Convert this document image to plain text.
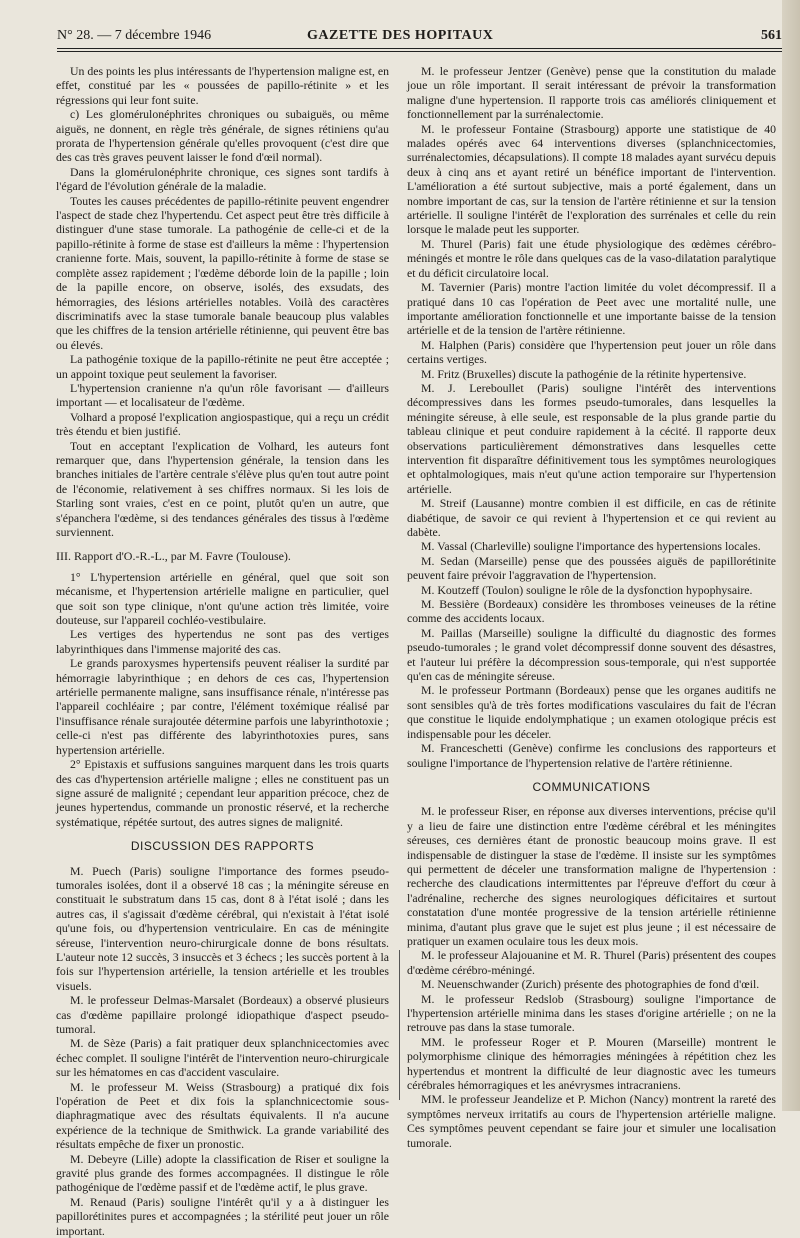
N° 28. — 7 décembre 1946	GAZETTE DES HOPITAUX	561

Un des points les plus intéressants de l'hypertension maligne est, en effet, constitué par les « poussées de papillo-rétinite » et les régressions qui leur font suite.

c) Les glomérulonéphrites chroniques ou subaiguës, ou même aiguës, ne donnent, en règle très générale, de signes rétiniens qu'au prorata de l'hypertension générale qu'elles provoquent (c'est dire que des cas très graves peuvent laisser le fond d'œil normal).

Dans la glomérulonéphrite chronique, ces signes sont tardifs à l'égard de l'évolution générale de la maladie.

Toutes les causes précédentes de papillo-rétinite peuvent engendrer l'aspect de stade chez l'hypertendu. Cet aspect peut être très difficile à distinguer d'une stase tumorale. La pathogénie de celle-ci et de la papillo-rétinite à forme de stase est d'ailleurs la même : l'hypertension cranienne forte. Mais, souvent, la papillo-rétinite à forme de stase se complète assez rapidement ; l'œdème déborde loin de la papille ; loin de la papille encore, on observe, isolés, des exsudats, des hémorragies, des lésions artérielles notables. Voilà des caractères discriminatifs avec la stase tumorale banale beaucoup plus valables que les chiffres de la tension artérielle rétinienne, qui peuvent être bas ou élevés.

La pathogénie toxique de la papillo-rétinite ne peut être acceptée ; un appoint toxique peut seulement la favoriser.

L'hypertension cranienne n'a qu'un rôle favorisant — d'ailleurs important — et localisateur de l'œdème.

Volhard a proposé l'explication angiospastique, qui a reçu un crédit très étendu et bien justifié.

Tout en acceptant l'explication de Volhard, les auteurs font remarquer que, dans l'hypertension générale, la tension dans les branches initiales de l'artère centrale s'élève plus qu'en tout autre point de l'économie, relativement à ses chiffres normaux. Si les lois de Starling sont vraies, c'est en ce point, plutôt qu'en un autre, que s'épanchera l'œdème, si des tendances générales des tissus à l'œdème surviennent.

III. Rapport d'O.-R.-L., par M. Favre (Toulouse).

1° L'hypertension artérielle en général, quel que soit son mécanisme, et l'hypertension artérielle maligne en particulier, quel que soit son type clinique, n'ont qu'une action très limitée, voire douteuse, sur l'appareil cochléo-vestibulaire.

Les vertiges des hypertendus ne sont pas des vertiges labyrinthiques dans l'immense majorité des cas.

Le grands paroxysmes hypertensifs peuvent réaliser la surdité par hémorragie labyrinthique ; en dehors de ces cas, l'hypertension artérielle permanente maligne, sans insuffisance rénale, n'intéresse pas l'appareil cochléaire ; par contre, l'élément toxémique réalisé par l'insuffisance rénale surajoutée détermine parfois une labyrinthotoxie ; celle-ci n'est pas différente des labyrinthotoxies pures, sans hypertension artérielle.

2° Epistaxis et suffusions sanguines marquent dans les trois quarts des cas d'hypertension artérielle maligne ; elles ne constituent pas un signe assuré de malignité ; cependant leur apparition précoce, chez de jeunes hypertendus, commande un pronostic réservé, et la recherche systématique, répétée surtout, des autres signes de malignité.

DISCUSSION DES RAPPORTS

M. Puech (Paris) souligne l'importance des formes pseudo-tumorales isolées, dont il a observé 18 cas ; la méningite séreuse en constituait le substratum dans 15 cas, dont 8 à l'état isolé ; dans les autres cas, il s'agissait d'œdème cérébral, qui n'existait à l'état isolé qu'une fois, ou d'hypertension ventriculaire. En cas de méningite séreuse, l'intervention neuro-chirurgicale donne de bons résultats. L'auteur note 12 succès, 3 insuccès et 3 échecs ; les succès portent à la fois sur l'hypertension artérielle, la tension artérielle et les troubles visuels.

M. le professeur Delmas-Marsalet (Bordeaux) a observé plusieurs cas d'œdème papillaire prolongé idiopathique d'aspect pseudo-tumoral.

M. de Sèze (Paris) a fait pratiquer deux splanchnicectomies avec échec complet. Il souligne l'intérêt de l'intervention neuro-chirurgicale sur les hématomes en cas d'accident vasculaire.

M. le professeur M. Weiss (Strasbourg) a pratiqué dix fois l'opération de Peet et dix fois la splanchnicectomie sous-diaphragmatique avec des résultats équivalents. Il n'a aucune expérience de la technique de Smithwick. La grande variabilité des résultats empêche de fixer un pronostic.

M. Debeyre (Lille) adopte la classification de Riser et souligne la gravité plus grande des formes accompagnées. Il distingue le rôle pathogénique de l'œdème passif et de l'œdème actif, le plus grave.

M. Renaud (Paris) souligne l'intérêt qu'il y a à distinguer les papillorétinites pures et accompagnées ; la stérilité peut jouer un rôle important.

M. le professeur Jentzer (Genève) pense que la constitution du malade joue un rôle important. Il serait intéressant de prévoir la transformation maligne d'une hypertension. Il rapporte trois cas améliorés cliniquement et fonctionnellement par la surrénalectomie.

M. le professeur Fontaine (Strasbourg) apporte une statistique de 40 malades opérés avec 64 interventions diverses (splanchnicectomies, surrénalectomies, décapsulations). Il compte 18 malades ayant survécu depuis deux à cinq ans et ayant retiré un bénéfice important de l'intervention. L'amélioration a été surtout subjective, mais a porté également, dans un nombre important de cas, sur la tension de l'artère rétinienne et sur la tension artérielle. Il souligne l'intérêt de l'exploration des surrénales et celle du rein lorsque le malade peut les supporter.

M. Thurel (Paris) fait une étude physiologique des œdèmes cérébro-méningés et montre le rôle dans quelques cas de la vaso-dilatation paralytique et du déficit circulatoire local.

M. Tavernier (Paris) montre l'action limitée du volet décompressif. Il a pratiqué dans 10 cas l'opération de Peet avec une mortalité nulle, une importante amélioration fonctionnelle et une importante baisse de la tension artérielle et de la tension de l'artère rétinienne.

M. Halphen (Paris) considère que l'hypertension peut jouer un rôle dans certains vertiges.

M. Fritz (Bruxelles) discute la pathogénie de la rétinite hypertensive.

M. J. Lereboullet (Paris) souligne l'intérêt des interventions décompressives dans les formes pseudo-tumorales, dans lesquelles la méningite séreuse, à elle seule, est responsable de la plus grande partie du tableau clinique et peut conduire rapidement à la cécité. Il rapporte deux observations particulièrement démonstratives dans lesquelles cette intervention fit disparaître définitivement tous les symptômes neurologiques et ophtalmologiques, mais n'eut qu'une action temporaire sur l'hypertension artérielle.

M. Streif (Lausanne) montre combien il est difficile, en cas de rétinite diabétique, de savoir ce qui revient à l'hypertension et ce qui revient au dabète.

M. Vassal (Charleville) souligne l'importance des hypertensions locales.

M. Sedan (Marseille) pense que des poussées aiguës de papillorétinite peuvent faire prévoir l'aggravation de l'hypertension.

M. Koutzeff (Toulon) souligne le rôle de la dysfonction hypophysaire.

M. Bessière (Bordeaux) considère les thromboses veineuses de la rétine comme des accidents locaux.

M. Paillas (Marseille) souligne la difficulté du diagnostic des formes pseudo-tumorales ; le grand volet décompressif donne souvent des désastres, et l'auteur lui préfère la décompression sous-temporale, qui n'est supportée qu'en cas de méningite séreuse.

M. le professeur Portmann (Bordeaux) pense que les organes auditifs ne sont sensibles qu'à de très fortes modifications vasculaires du fait de l'écran que constitue le liquide endolymphatique ; un examen otologique précis est indispensable pour les déceler.

M. Franceschetti (Genève) confirme les conclusions des rapporteurs et souligne l'importance de l'hypertension relative de l'artère rétinienne.

COMMUNICATIONS

M. le professeur Riser, en réponse aux diverses interventions, précise qu'il y a lieu de faire une distinction entre l'œdème cérébral et les méningites séreuses, ces dernières étant de pronostic beaucoup moins grave. Il est indispensable de distinguer la stase de l'œdème. Il insiste sur les symptômes qui permettent de déceler une transformation maligne de l'hypertension : recherche des claudications intermittentes par l'épreuve d'effort du cœur à l'adrénaline, recherche des signes neurologiques déficitaires et surtout constatation d'une montée progressive de la tension artérielle rétinienne minima, d'autant plus grave que le sujet est plus jeune ; il est nécessaire de pratiquer un examen oculaire tous les deux mois.

M. le professeur Alajouanine et M. R. Thurel (Paris) présentent des coupes d'œdème cérébro-méningé.

M. Neuenschwander (Zurich) présente des photographies de fond d'œil.

M. le professeur Redslob (Strasbourg) souligne l'importance de l'hypertension artérielle minima dans les stases d'origine artérielle ; on ne la retrouve pas dans la stase tumorale.

MM. le professeur Roger et P. Mouren (Marseille) montrent le polymorphisme clinique des hémorragies méningées à répétition chez les hypertendus et montrent la difficulté de leur diagnostic avec les tumeurs cérébrales hémorragiques et les anévrysmes intracraniens.

MM. le professeur Jeandelize et P. Michon (Nancy) montrent la rareté des symptômes nerveux irritatifs au cours de l'hypertension artérielle maligne. Ces symptômes peuvent cependant se faire jour et simuler une localisation tumorale.
